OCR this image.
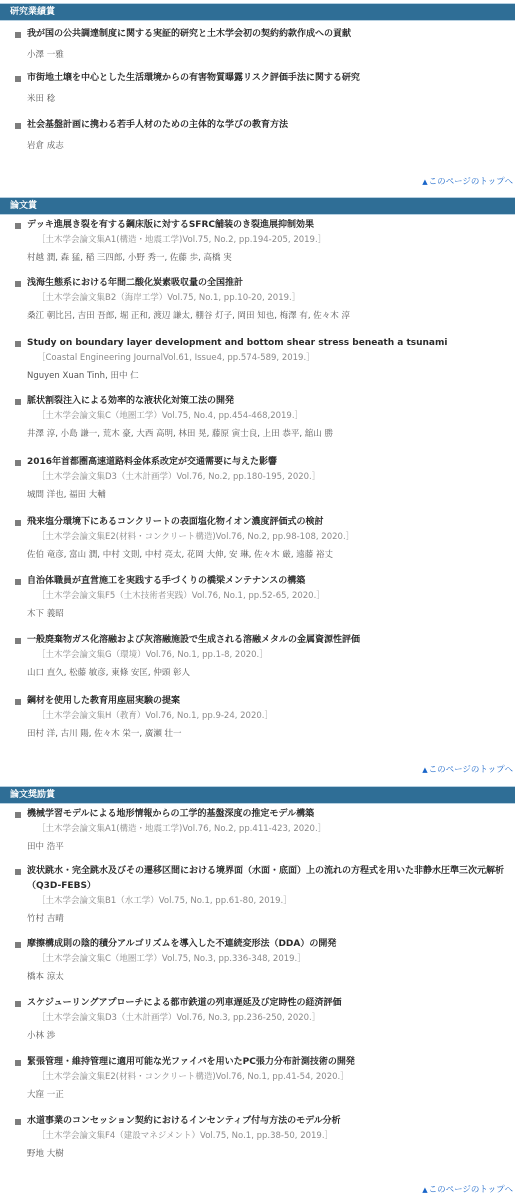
研究業績賞
我が国の公共調達制度に関する実証的研究と土木学会初の契約約款作成への貢献
小澤 一雅
市街地土壌を中心とした生活環境からの有害物質曝露リスク評価手法に関する研究
米田 稔
社会基盤計画に携わる若手人材のための主体的な学びの教育方法
岩倉 成志
▲このページのトップへ
論文賞
デッキ進展き裂を有する鋼床版に対するSFRC舗装のき裂進展抑制効果
［土木学会論文集A1(構造・地震工学)Vol.75, No.2, pp.194-205, 2019.］
村越 潤, 森 猛, 稲 三四郎, 小野 秀一, 佐藤 歩, 高橋 実
浅海生態系における年間二酸化炭素吸収量の全国推計
［土木学会論文集B2（海岸工学）Vol.75, No.1, pp.10-20, 2019.］
桑江 朝比呂, 吉田 吾郎, 堀 正和, 渡辺 謙太, 棚谷 灯子, 岡田 知也, 梅澤 有, 佐々木 淳
Study on boundary layer development and bottom shear stress beneath a tsunami
［Coastal Engineering JournalVol.61, Issue4, pp.574-589, 2019.］
Nguyen Xuan Tinh, 田中 仁
脈状割裂注入による効率的な液状化対策工法の開発
［土木学会論文集C（地圏工学）Vol.75, No.4, pp.454-468,2019.］
井澤 淳, 小島 謙一, 荒木 豪, 大西 高明, 林田 晃, 藤原 寅士良, 上田 恭平, 舘山 勝
2016年首都圏高速道路料金体系改定が交通需要に与えた影響
［土木学会論文集D3（土木計画学）Vol.76, No.2, pp.180-195, 2020.］
城間 洋也, 福田 大輔
飛来塩分環境下にあるコンクリートの表面塩化物イオン濃度評価式の検討
［土木学会論文集E2(材料・コンクリート構造)Vol.76, No.2, pp.98-108, 2020.］
佐伯 竜彦, 富山 潤, 中村 文則, 中村 亮太, 花岡 大伸, 安 琳, 佐々木 厳, 遠藤 裕丈
自治体職員が直営施工を実践する手づくりの橋梁メンテナンスの構築
［土木学会論文集F5（土木技術者実践）Vol.76, No.1, pp.52-65, 2020.］
木下 義昭
一般廃棄物ガス化溶融および灰溶融施設で生成される溶融メタルの金属資源性評価
［土木学会論文集G（環境）Vol.76, No.1, pp.1-8, 2020.］
山口 直久, 松藤 敏彦, 東條 安匡, 仲頭 彰人
鋼材を使用した教育用座屈実験の提案
［土木学会論文集H（教育）Vol.76, No.1, pp.9-24, 2020.］
田村 洋, 古川 陽, 佐々木 栄一, 廣瀬 壮一
▲このページのトップへ
論文奨励賞
機械学習モデルによる地形情報からの工学的基盤深度の推定モデル構築
［土木学会論文集A1(構造・地震工学)Vol.76, No.2, pp.411-423, 2020.］
田中 浩平
波状跳水・完全跳水及びその遷移区間における境界面（水面・底面）上の流れの方程式を用いた非静水圧準三次元解析（Q3D-FEBS）
［土木学会論文集B1（水工学）Vol.75, No.1, pp.61-80, 2019.］
竹村 吉晴
摩擦構成則の陰的積分アルゴリズムを導入した不連続変形法（DDA）の開発
［土木学会論文集C（地圏工学）Vol.75, No.3, pp.336-348, 2019.］
橋本 涼太
スケジューリングアプローチによる都市鉄道の列車遅延及び定時性の経済評価
［土木学会論文集D3（土木計画学）Vol.76, No.3, pp.236-250, 2020.］
小林 渉
緊張管理・維持管理に適用可能な光ファイバを用いたPC張力分布計測技術の開発
［土木学会論文集E2(材料・コンクリート構造)Vol.76, No.1, pp.41-54, 2020.］
大窪 一正
水道事業のコンセッション契約におけるインセンティブ付与方法のモデル分析
［土木学会論文集F4（建設マネジメント）Vol.75, No.1, pp.38-50, 2019.］
野地 大樹
▲このページのトップへ
